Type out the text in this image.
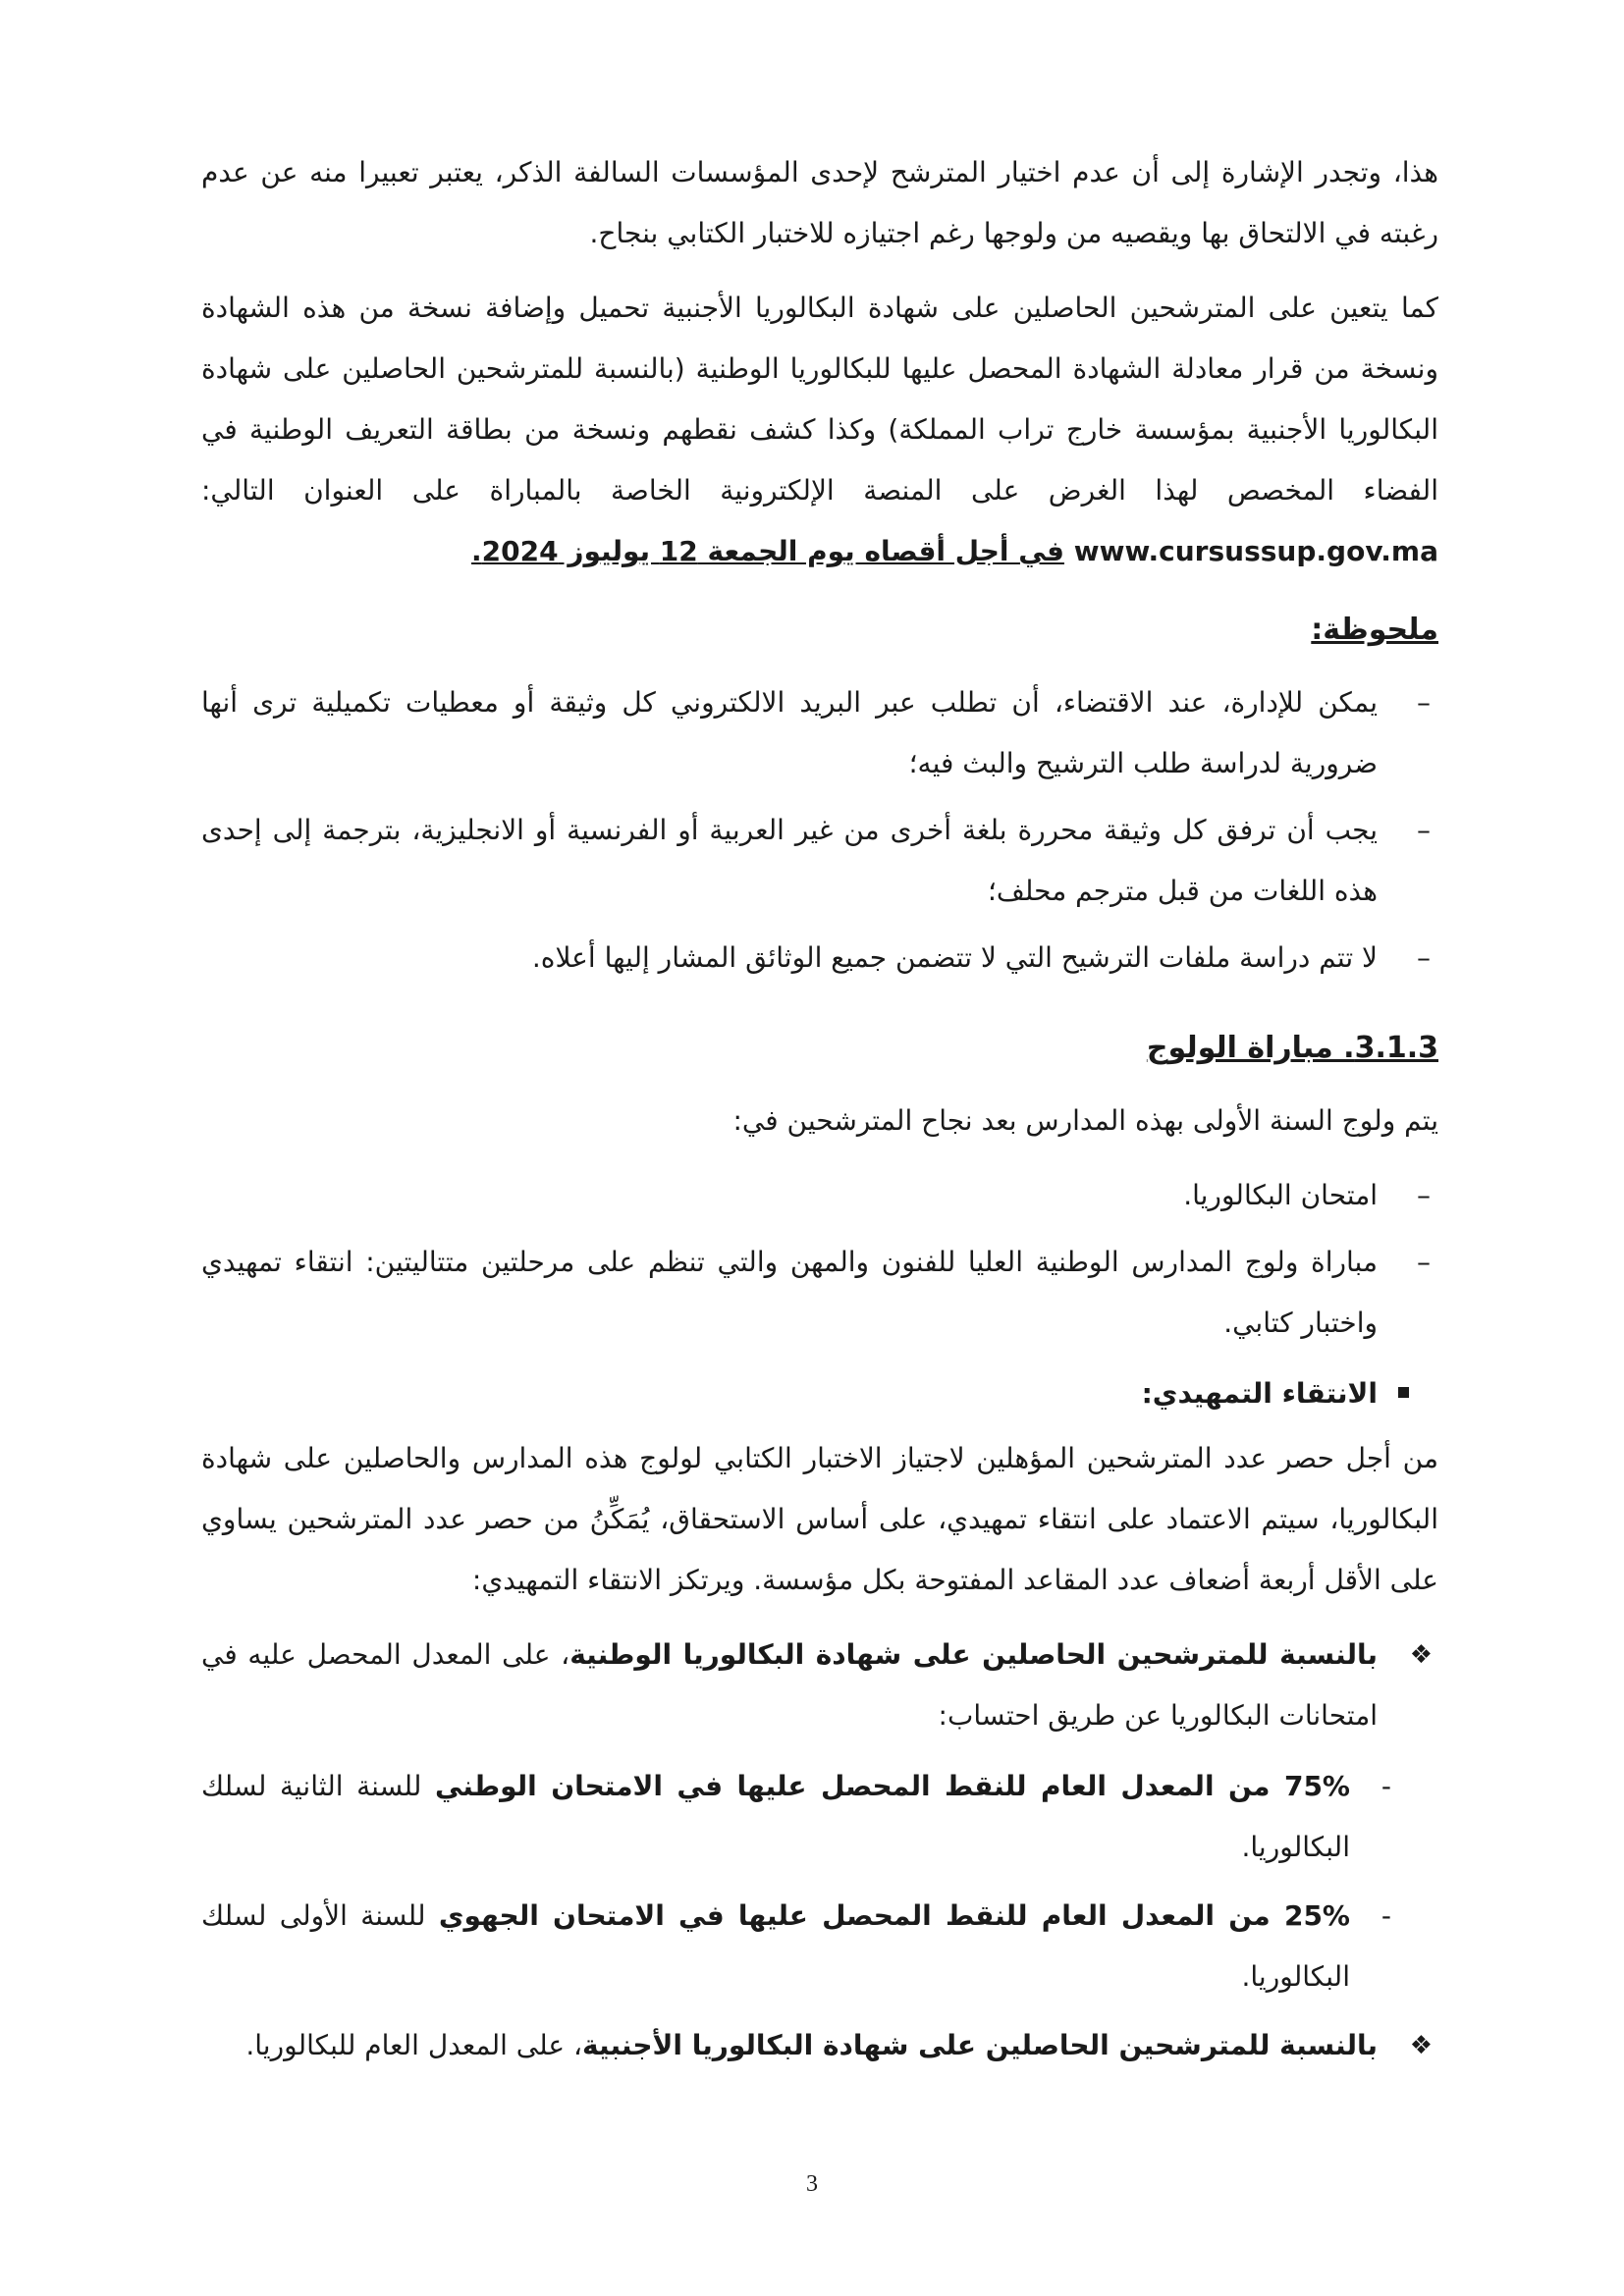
هذا، وتجدر الإشارة إلى أن عدم اختيار المترشح لإحدى المؤسسات السالفة الذكر، يعتبر تعبيرا منه عن عدم رغبته في الالتحاق بها ويقصيه من ولوجها رغم اجتيازه للاختبار الكتابي بنجاح.

كما يتعين على المترشحين الحاصلين على شهادة البكالوريا الأجنبية تحميل وإضافة نسخة من هذه الشهادة ونسخة من قرار معادلة الشهادة المحصل عليها للبكالوريا الوطنية (بالنسبة للمترشحين الحاصلين على شهادة البكالوريا الأجنبية بمؤسسة خارج تراب المملكة) وكذا كشف نقطهم ونسخة من بطاقة التعريف الوطنية في الفضاء المخصص لهذا الغرض على المنصة الإلكترونية الخاصة بالمباراة على العنوان التالي: www.cursussup.gov.ma في أجل أقصاه يوم الجمعة 12 يوليوز 2024.

ملحوظة:
–
يمكن للإدارة، عند الاقتضاء، أن تطلب عبر البريد الالكتروني كل وثيقة أو معطيات تكميلية ترى أنها ضرورية لدراسة طلب الترشيح والبث فيه؛
–
يجب أن ترفق كل وثيقة محررة بلغة أخرى من غير العربية أو الفرنسية أو الانجليزية، بترجمة إلى إحدى هذه اللغات من قبل مترجم محلف؛
–
لا تتم دراسة ملفات الترشيح التي لا تتضمن جميع الوثائق المشار إليها أعلاه.
3.1.3. مباراة الولوج

يتم ولوج السنة الأولى بهذه المدارس بعد نجاح المترشحين في:

–
امتحان البكالوريا.
–
مباراة ولوج المدارس الوطنية العليا للفنون والمهن والتي تنظم على مرحلتين متتاليتين: انتقاء تمهيدي واختبار كتابي.
الانتقاء التمهيدي:

من أجل حصر عدد المترشحين المؤهلين لاجتياز الاختبار الكتابي لولوج هذه المدارس والحاصلين على شهادة البكالوريا، سيتم الاعتماد على انتقاء تمهيدي، على أساس الاستحقاق، يُمَكِّنُ من حصر عدد المترشحين يساوي على الأقل أربعة أضعاف عدد المقاعد المفتوحة بكل مؤسسة. ويرتكز الانتقاء التمهيدي:

❖
بالنسبة للمترشحين الحاصلين على شهادة البكالوريا الوطنية، على المعدل المحصل عليه في امتحانات البكالوريا عن طريق احتساب:
-
75% من المعدل العام للنقط المحصل عليها في الامتحان الوطني للسنة الثانية لسلك البكالوريا.
-
25% من المعدل العام للنقط المحصل عليها في الامتحان الجهوي للسنة الأولى لسلك البكالوريا.
❖
بالنسبة للمترشحين الحاصلين على شهادة البكالوريا الأجنبية، على المعدل العام للبكالوريا.
3
